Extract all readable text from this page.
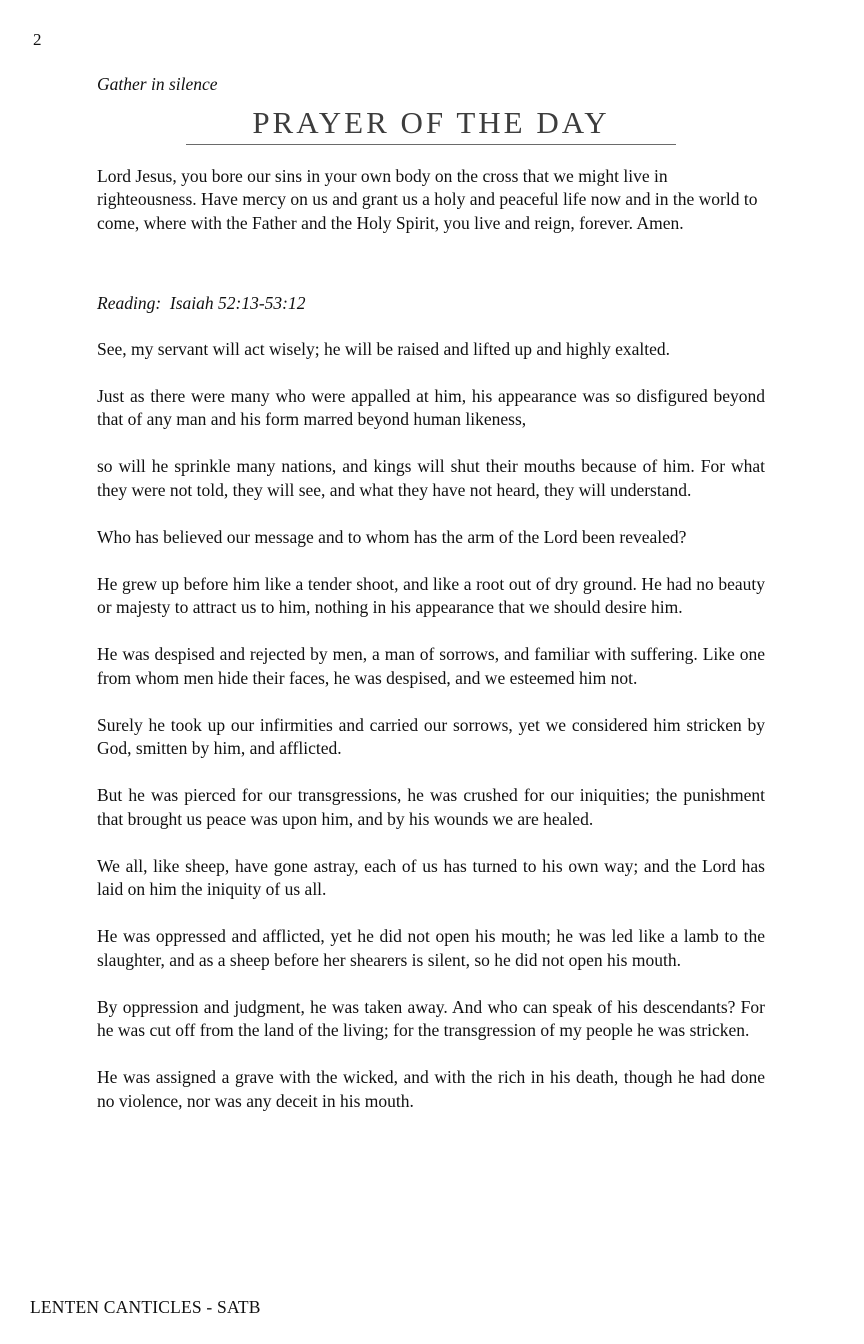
2

Gather in silence

PRAYER OF THE DAY

Lord Jesus, you bore our sins in your own body on the cross that we might live in righteousness. Have mercy on us and grant us a holy and peaceful life now and in the world to come, where with the Father and the Holy Spirit, you live and reign, forever. Amen.

Reading:  Isaiah 52:13-53:12

See, my servant will act wisely; he will be raised and lifted up and highly exalted.

Just as there were many who were appalled at him, his appearance was so disfigured beyond that of any man and his form marred beyond human likeness,

so will he sprinkle many nations, and kings will shut their mouths because of him. For what they were not told, they will see, and what they have not heard, they will understand.

Who has believed our message and to whom has the arm of the Lord been revealed?

He grew up before him like a tender shoot, and like a root out of dry ground. He had no beauty or majesty to attract us to him, nothing in his appearance that we should desire him.

He was despised and rejected by men, a man of sorrows, and familiar with suffering. Like one from whom men hide their faces, he was despised, and we esteemed him not.

Surely he took up our infirmities and carried our sorrows, yet we considered him stricken by God, smitten by him, and afflicted.

But he was pierced for our transgressions, he was crushed for our iniquities; the punishment that brought us peace was upon him, and by his wounds we are healed.

We all, like sheep, have gone astray, each of us has turned to his own way; and the Lord has laid on him the iniquity of us all.

He was oppressed and afflicted, yet he did not open his mouth; he was led like a lamb to the slaughter, and as a sheep before her shearers is silent, so he did not open his mouth.

By oppression and judgment, he was taken away. And who can speak of his descendants? For he was cut off from the land of the living; for the transgression of my people he was stricken.

He was assigned a grave with the wicked, and with the rich in his death, though he had done no violence, nor was any deceit in his mouth.

LENTEN CANTICLES - SATB
